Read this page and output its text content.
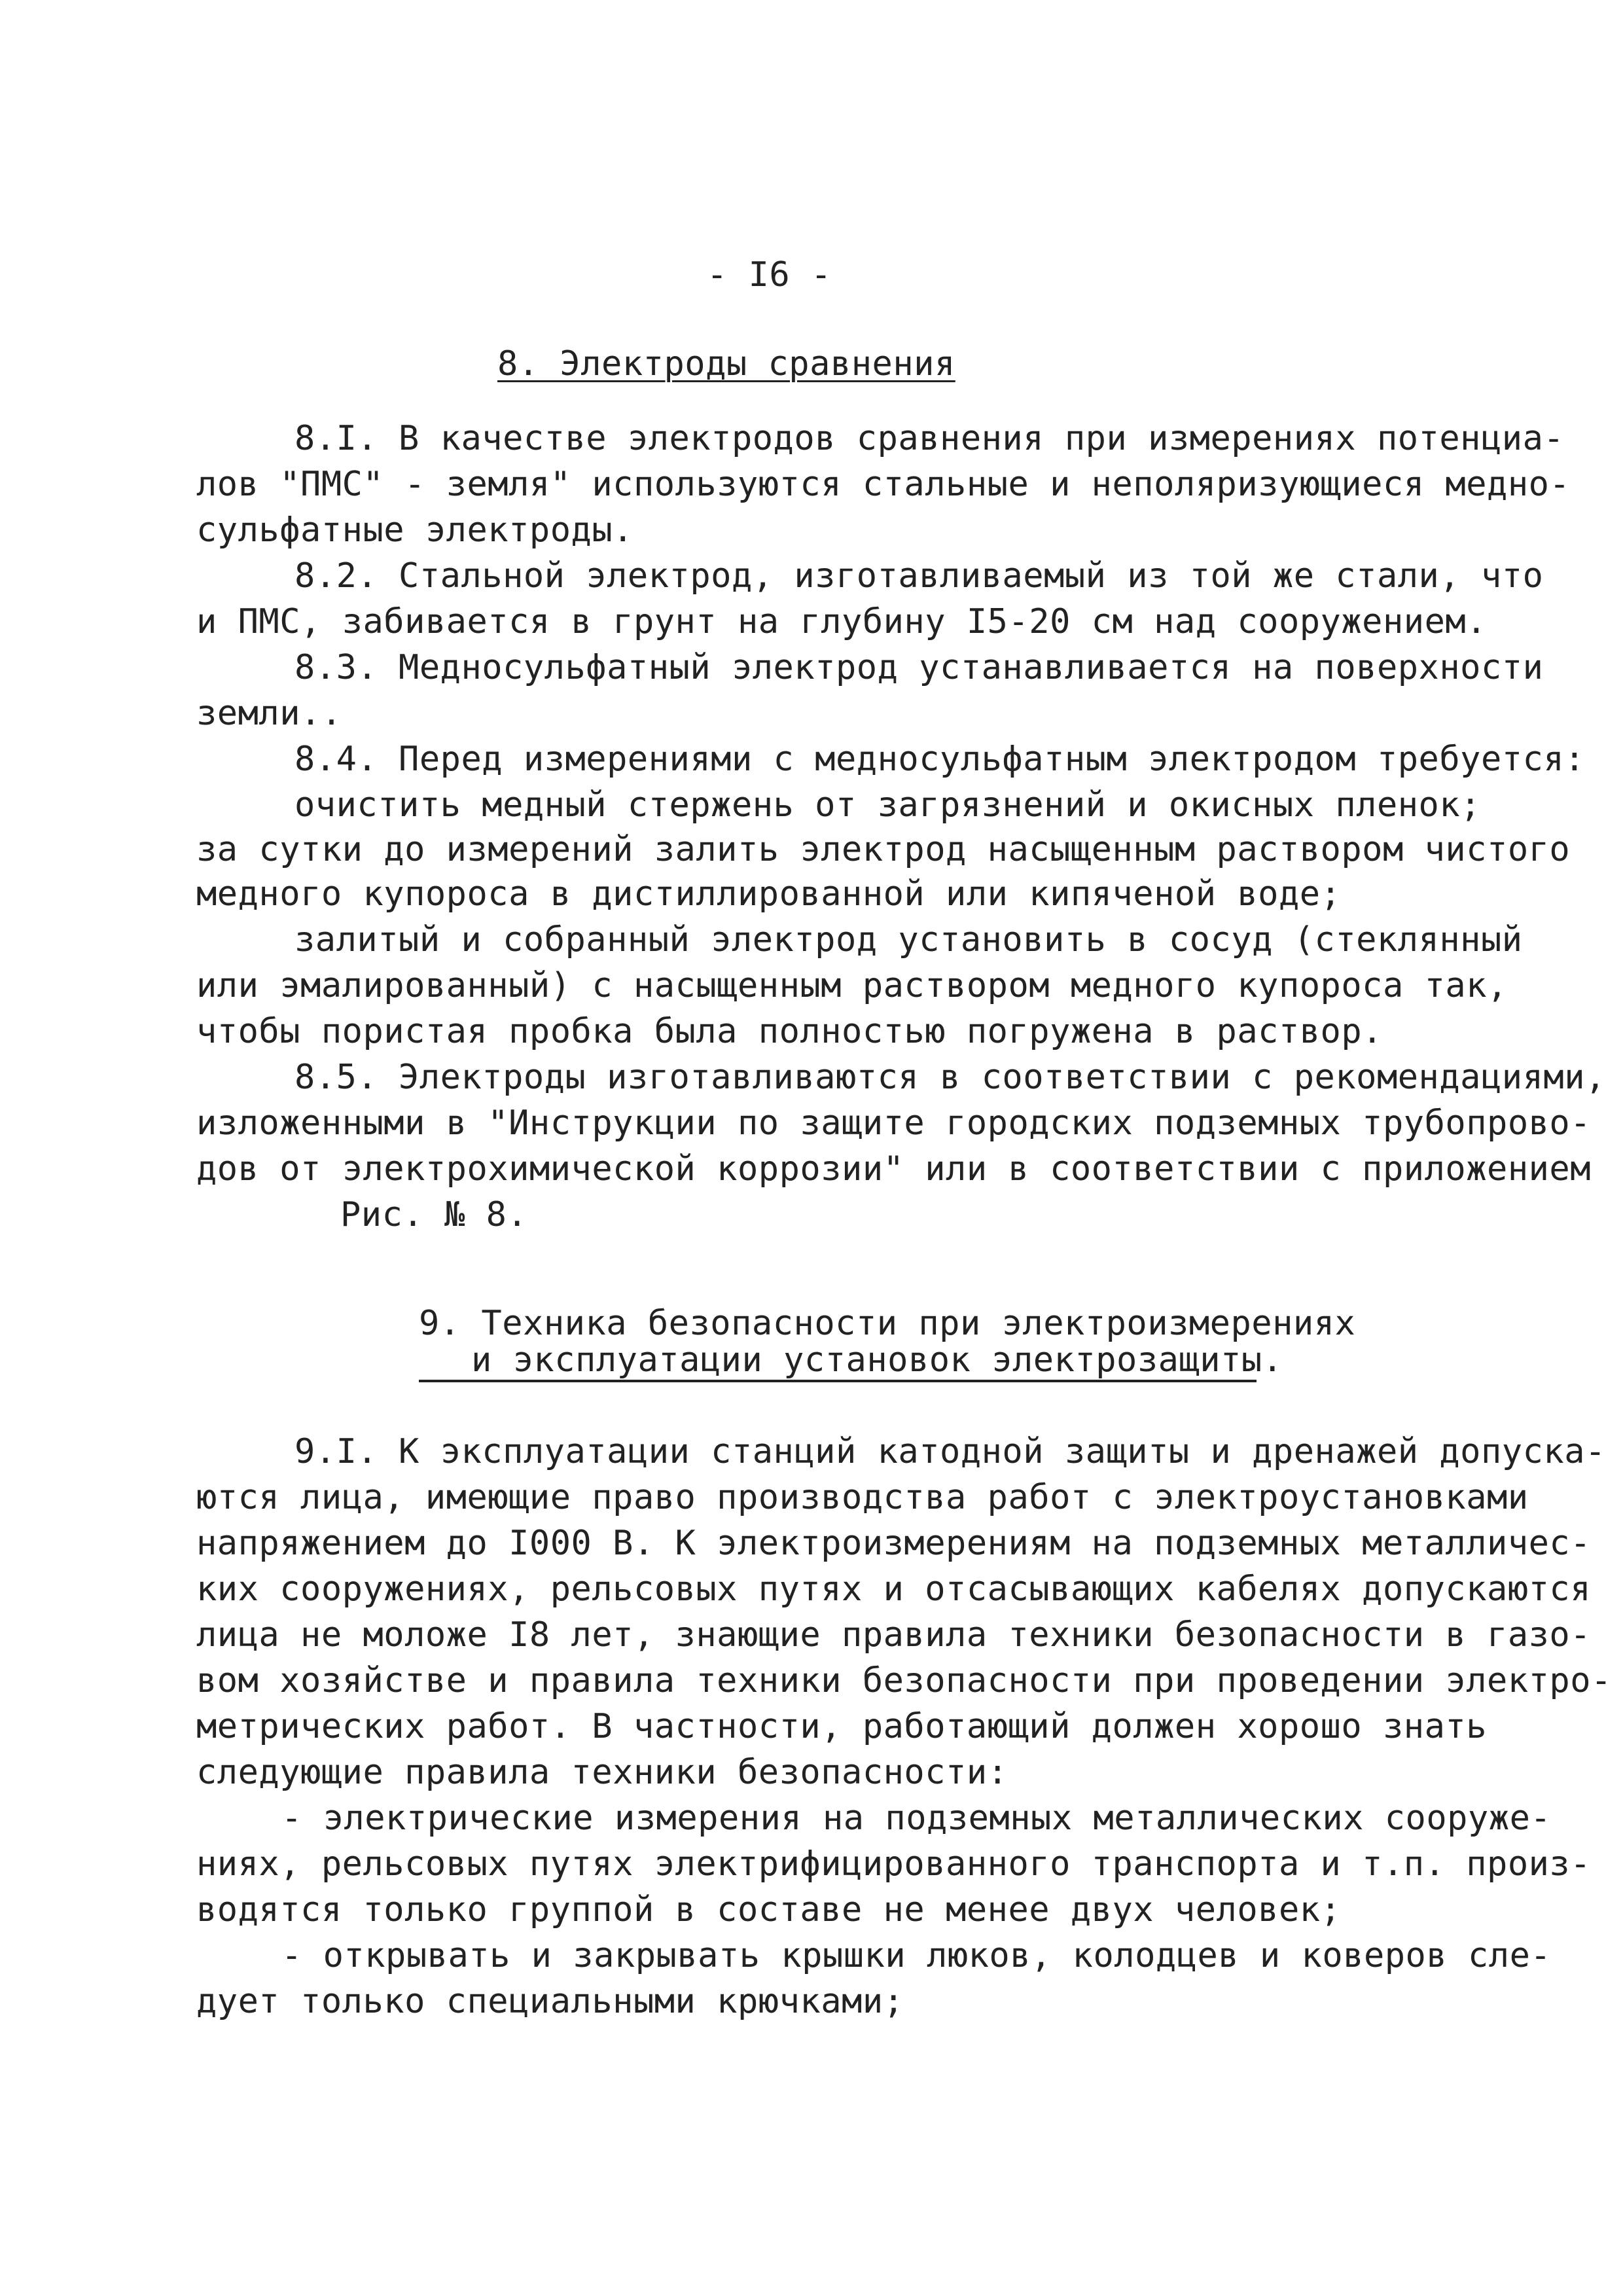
- I6 -
8. Электроды сравнения
8.I. В качестве электродов сравнения при измерениях потенциа-
лов "ПМС" - земля" используются стальные и неполяризующиеся медно-
сульфатные электроды.
8.2. Стальной электрод, изготавливаемый из той же стали, что
и ПМС, забивается в грунт на глубину I5-20 см над сооружением.
8.3. Медносульфатный электрод устанавливается на поверхности
земли..
8.4. Перед измерениями с медносульфатным электродом требуется:
очистить медный стержень от загрязнений и окисных пленок;
за сутки до измерений залить электрод насыщенным раствором чистого
медного купороса в дистиллированной или кипяченой воде;
залитый и собранный электрод установить в сосуд (стеклянный
или эмалированный) с насыщенным раствором медного купороса так,
чтобы пористая пробка была полностью погружена в раствор.
8.5. Электроды изготавливаются в соответствии с рекомендациями,
изложенными в "Инструкции по защите городских подземных трубопрово-
дов от электрохимической коррозии" или в соответствии с приложением
Рис. № 8.
9. Техника безопасности при электроизмерениях
и эксплуатации установок электрозащиты.
9.I. К эксплуатации станций катодной защиты и дренажей допуска-
ются лица, имеющие право производства работ с электроустановками
напряжением до I000 В. К электроизмерениям на подземных металличес-
ких сооружениях, рельсовых путях и отсасывающих кабелях допускаются
лица не моложе I8 лет, знающие правила техники безопасности в газо-
вом хозяйстве и правила техники безопасности при проведении электро-
метрических работ. В частности, работающий должен хорошо знать
следующие правила техники безопасности:
- электрические измерения на подземных металлических сооруже-
ниях, рельсовых путях электрифицированного транспорта и т.п. произ-
водятся только группой в составе не менее двух человек;
- открывать и закрывать крышки люков, колодцев и коверов сле-
дует только специальными крючками;
